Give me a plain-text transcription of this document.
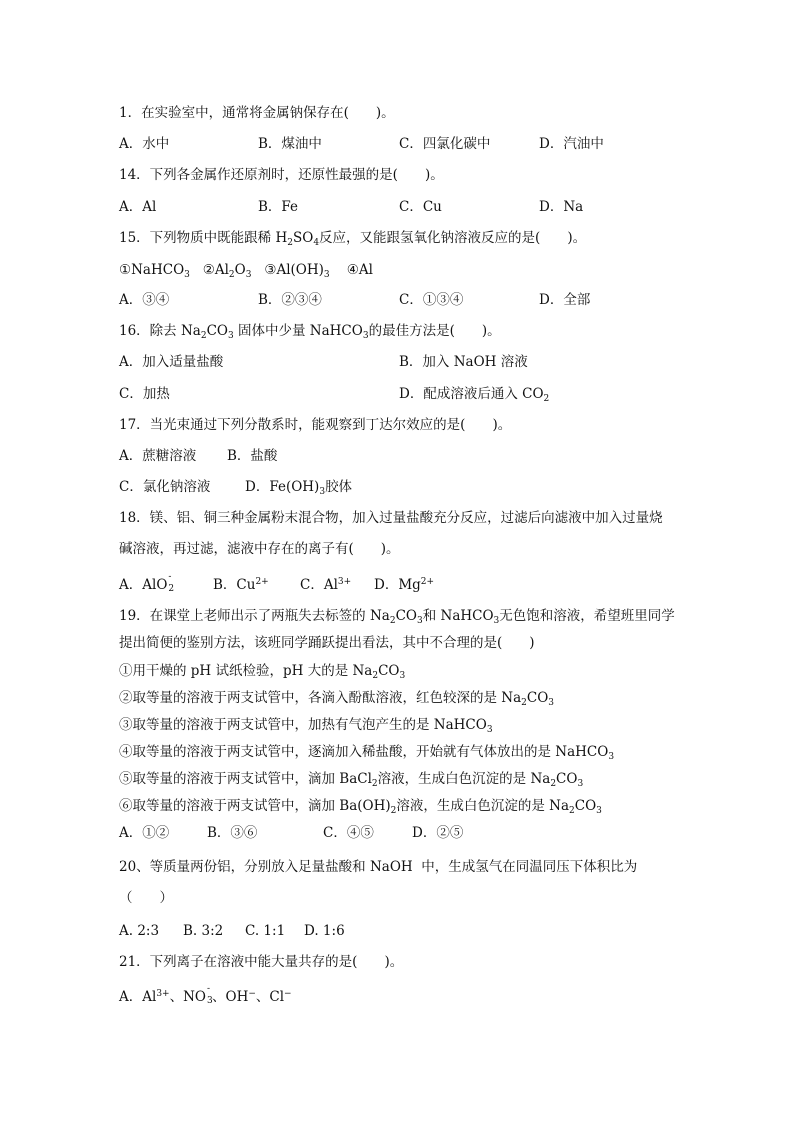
1．在实验室中，通常将金属钠保存在(　　)。
A．水中	B．煤油中	C．四氯化碳中	D．汽油中
14．下列各金属作还原剂时，还原性最强的是(　　)。
A．Al	B．Fe	C．Cu	D．Na
15．下列物质中既能跟稀 $H_2SO_4$反应，又能跟氢氧化钠溶液反应的是(　　)。
①NaHCO$_3$ $②Al_2O_3$ $③Al(OH)_3$ ④Al
A．③④	B．②③④	C．①③④	D．全部
16．除去 $Na_2CO_3$ 固体中少量 NaHCO$_3$的最佳方法是(　　)。
A．加入适量盐酸	B．加入 NaOH 溶液
C．加热	D．配成溶液后通入 $CO_2$
17．当光束通过下列分散系时，能观察到丁达尔效应的是(　　)。
A．蔗糖溶液 B．盐酸
C．氯化钠溶液	D．$Fe(OH)_3$胶体
18．镁、铝、铜三种金属粉末混合物，加入过量盐酸充分反应，过滤后向滤液中加入过量烧
碱溶液，再过滤，滤液中存在的离子有(　　)。
A．AlO -
2	B．$Cu^{2+}$ C．$Al^{3+}$ D．$Mg^{2+}$
19．在课堂上老师出示了两瓶失去标签的 $Na_2CO_3$和 NaHCO$_3$无色饱和溶液，希望班里同学
提出简便的鉴别方法，该班同学踊跃提出看法，其中不合理的是(　　)
①用干燥的 pH 试纸检验，pH 大的是 $Na_2CO_3$
②取等量的溶液于两支试管中，各滴入酚酞溶液，红色较深的是 $Na_2CO_3$
③取等量的溶液于两支试管中，加热有气泡产生的是 NaHCO$_3$
④取等量的溶液于两支试管中，逐滴加入稀盐酸，开始就有气体放出的是 NaHCO$_3$
⑤取等量的溶液于两支试管中，滴加 BaCl$_2$溶液，生成白色沉淀的是 $Na_2CO_3$
⑥取等量的溶液于两支试管中，滴加 $Ba(OH)_2$溶液，生成白色沉淀的是 $Na_2CO_3$
A．①②	B．③⑥	C．④⑤	D．②⑤
20、等质量两份铝，分别放入足量盐酸和 NaOH  中，生成氢气在同温同压下体积比为
（　　）
A. 2:3 B. 3:2 C. 1:1 D. 1:6
21．下列离子在溶液中能大量共存的是(　　)。
A．$Al^{3+}$、NO -
3 、OH−、Cl−
